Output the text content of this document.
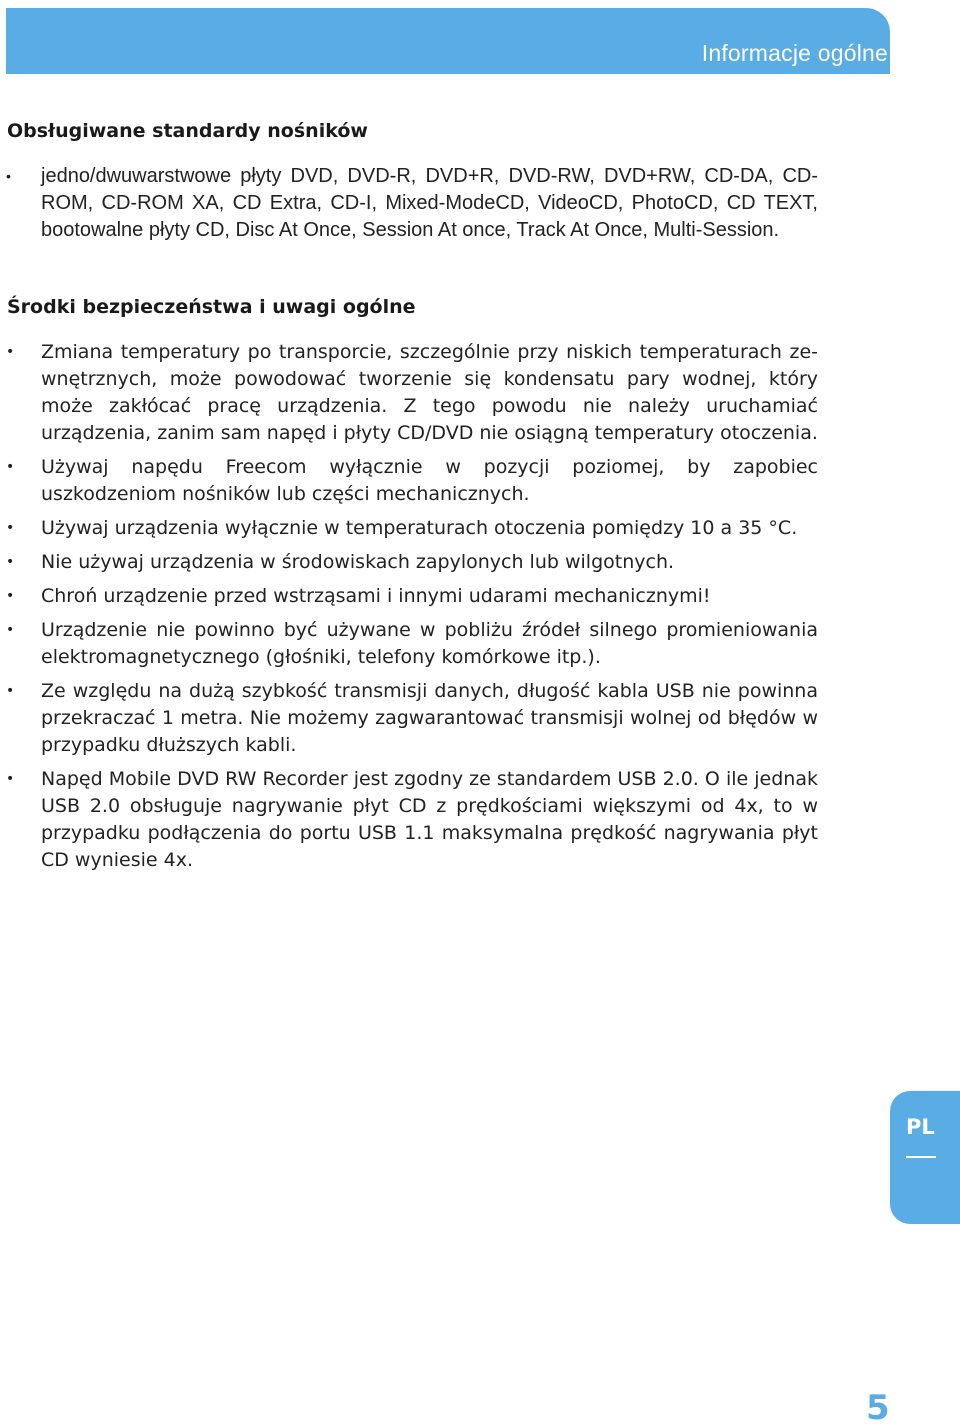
Informacje ogólne
Obsługiwane standardy nośników
• jedno/dwuwarstwowe płyty DVD, DVD-R, DVD+R, DVD-RW, DVD+RW, CD-DA, CD-ROM, CD-ROM XA, CD Extra, CD-I, Mixed-ModeCD, VideoCD, PhotoCD, CD TEXT, bootowalne płyty CD, Disc At Once, Session At once, Track At Once, Multi-Session.
Środki bezpieczeństwa i uwagi ogólne
• Zmiana temperatury po transporcie, szczególnie przy niskich temperaturach ze-wnętrznych, może powodować tworzenie się kondensatu pary wodnej, który może zakłócać pracę urządzenia. Z tego powodu nie należy uruchamiać urządzenia, zanim sam napęd i płyty CD/DVD nie osiągną temperatury otoczenia.
• Używaj napędu Freecom wyłącznie w pozycji poziomej, by zapobiec uszkodzeniom nośników lub części mechanicznych.
• Używaj urządzenia wyłącznie w temperaturach otoczenia pomiędzy 10 a 35 °C.
• Nie używaj urządzenia w środowiskach zapylonych lub wilgotnych.
• Chroń urządzenie przed wstrząsami i innymi udarami mechanicznymi!
• Urządzenie nie powinno być używane w pobliżu źródeł silnego promieniowania elektromagnetycznego (głośniki, telefony komórkowe itp.).
• Ze względu na dużą szybkość transmisji danych, długość kabla USB nie powinna przekraczać 1 metra. Nie możemy zagwarantować transmisji wolnej od błędów w przypadku dłuższych kabli.
• Napęd Mobile DVD RW Recorder jest zgodny ze standardem USB 2.0. O ile jednak USB 2.0 obsługuje nagrywanie płyt CD z prędkościami większymi od 4x, to w przypadku podłączenia do portu USB 1.1 maksymalna prędkość nagrywania płyt CD wyniesie 4x.
PL
5
